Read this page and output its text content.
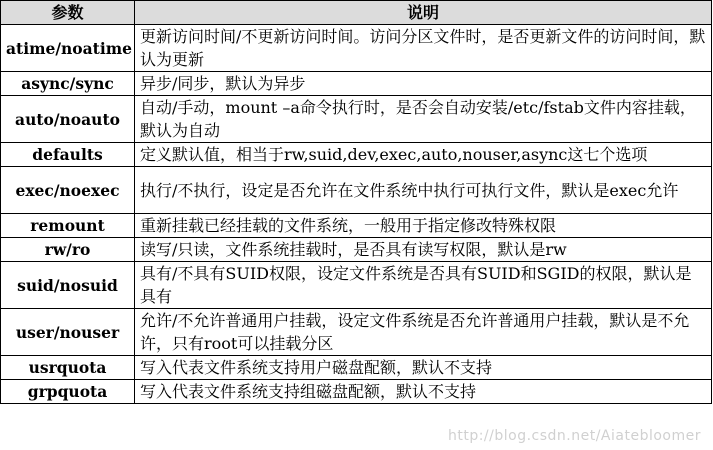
参数	说明
atime/noatime	更新访问时间/不更新访问时间。访问分区文件时，是否更新文件的访问时间，默认为更新
async/sync	异步/同步，默认为异步
auto/noauto	自动/手动，mount –a命令执行时，是否会自动安装/etc/fstab文件内容挂载，默认为自动
defaults	定义默认值，相当于rw,suid,dev,exec,auto,nouser,async这七个选项
exec/noexec	执行/不执行，设定是否允许在文件系统中执行可执行文件，默认是exec允许
remount	重新挂载已经挂载的文件系统，一般用于指定修改特殊权限
rw/ro	读写/只读，文件系统挂载时，是否具有读写权限，默认是rw
suid/nosuid	具有/不具有SUID权限，设定文件系统是否具有SUID和SGID的权限，默认是具有
user/nouser	允许/不允许普通用户挂载，设定文件系统是否允许普通用户挂载，默认是不允许，只有root可以挂载分区
usrquota	写入代表文件系统支持用户磁盘配额，默认不支持
grpquota	写入代表文件系统支持组磁盘配额，默认不支持
http://blog.csdn.net/Aiatebloomer
